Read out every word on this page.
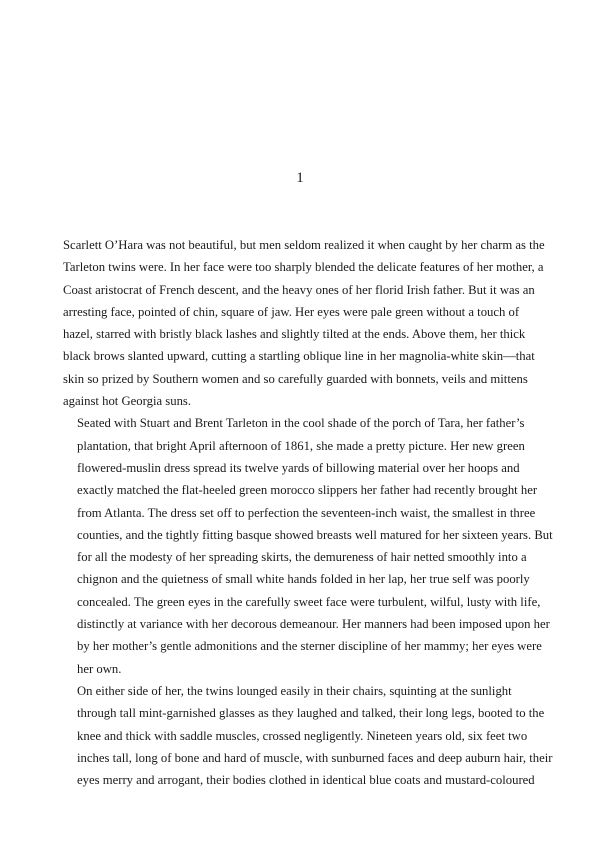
1

Scarlett O’Hara was not beautiful, but men seldom realized it when caught by her charm as the
Tarleton twins were. In her face were too sharply blended the delicate features of her mother, a
Coast aristocrat of French descent, and the heavy ones of her florid Irish father. But it was an
arresting face, pointed of chin, square of jaw. Her eyes were pale green without a touch of
hazel, starred with bristly black lashes and slightly tilted at the ends. Above them, her thick
black brows slanted upward, cutting a startling oblique line in her magnolia-white skin—that
skin so prized by Southern women and so carefully guarded with bonnets, veils and mittens
against hot Georgia suns.

Seated with Stuart and Brent Tarleton in the cool shade of the porch of Tara, her father’s
plantation, that bright April afternoon of 1861, she made a pretty picture. Her new green
flowered-muslin dress spread its twelve yards of billowing material over her hoops and
exactly matched the flat-heeled green morocco slippers her father had recently brought her
from Atlanta. The dress set off to perfection the seventeen-inch waist, the smallest in three
counties, and the tightly fitting basque showed breasts well matured for her sixteen years. But
for all the modesty of her spreading skirts, the demureness of hair netted smoothly into a
chignon and the quietness of small white hands folded in her lap, her true self was poorly
concealed. The green eyes in the carefully sweet face were turbulent, wilful, lusty with life,
distinctly at variance with her decorous demeanour. Her manners had been imposed upon her
by her mother’s gentle admonitions and the sterner discipline of her mammy; her eyes were
her own.

On either side of her, the twins lounged easily in their chairs, squinting at the sunlight
through tall mint-garnished glasses as they laughed and talked, their long legs, booted to the
knee and thick with saddle muscles, crossed negligently. Nineteen years old, six feet two
inches tall, long of bone and hard of muscle, with sunburned faces and deep auburn hair, their
eyes merry and arrogant, their bodies clothed in identical blue coats and mustard-coloured
